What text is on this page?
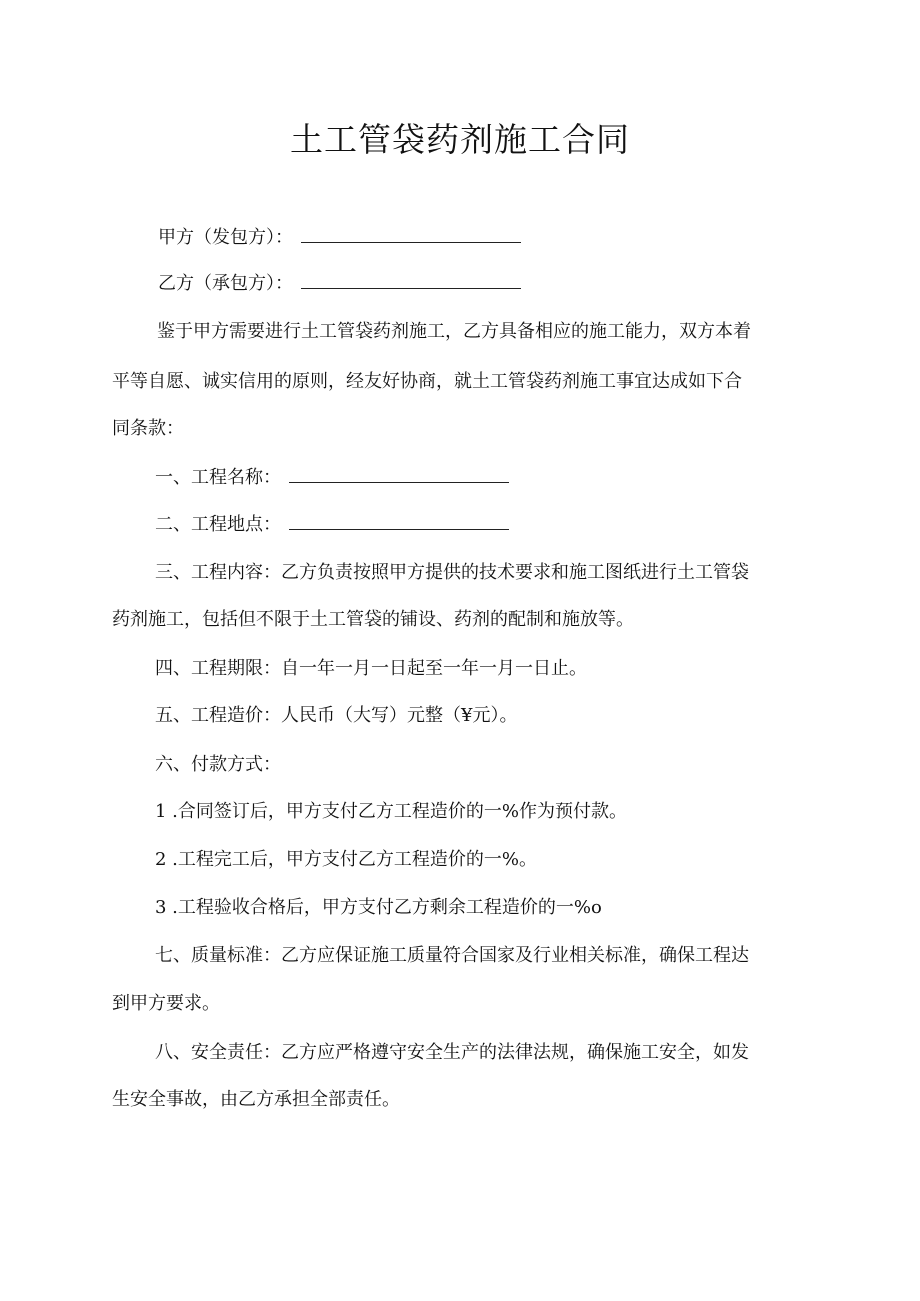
土工管袋药剂施工合同
甲方（发包方）：
乙方（承包方）：
鉴于甲方需要进行土工管袋药剂施工，乙方具备相应的施工能力，双方本着
平等自愿、诚实信用的原则，经友好协商，就土工管袋药剂施工事宜达成如下合
同条款：
一、工程名称：
二、工程地点：
三、工程内容：乙方负责按照甲方提供的技术要求和施工图纸进行土工管袋
药剂施工，包括但不限于土工管袋的铺设、药剂的配制和施放等。
四、工程期限：自一年一月一日起至一年一月一日止。
五、工程造价：人民币（大写）元整（¥元）。
六、付款方式：
1 .合同签订后，甲方支付乙方工程造价的一%作为预付款。
2 .工程完工后，甲方支付乙方工程造价的一%。
3 .工程验收合格后，甲方支付乙方剩余工程造价的一%o
七、质量标准：乙方应保证施工质量符合国家及行业相关标准，确保工程达
到甲方要求。
八、安全责任：乙方应严格遵守安全生产的法律法规，确保施工安全，如发
生安全事故，由乙方承担全部责任。
